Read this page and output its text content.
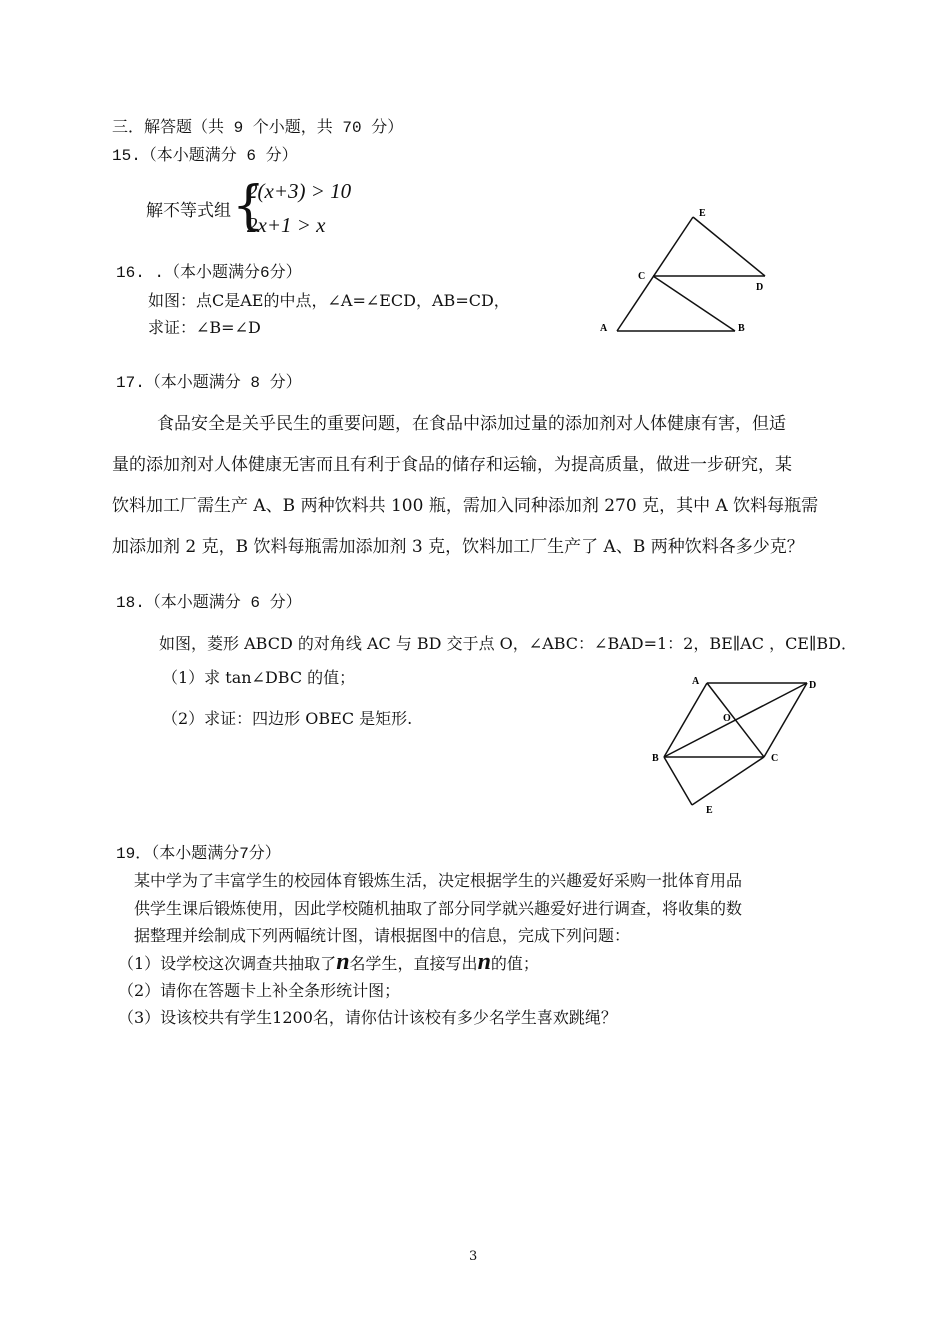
三．解答题（共 9 个小题，共 70 分）
15.（本小题满分 6 分）
解不等式组 {
2(x+3) > 10
2x+1 > x
16. .（本小题满分6分）
如图：点C是AE的中点，∠A=∠ECD，AB=CD，
求证：∠B=∠D
E
C
D
A	B
17.（本小题满分 8 分）
食品安全是关乎民生的重要问题，在食品中添加过量的添加剂对人体健康有害，但适
量的添加剂对人体健康无害而且有利于食品的储存和运输，为提高质量，做进一步研究，某
饮料加工厂需生产 A、B 两种饮料共 100 瓶，需加入同种添加剂 270 克，其中 A 饮料每瓶需
加添加剂 2 克，B 饮料每瓶需加添加剂 3 克，饮料加工厂生产了 A、B 两种饮料各多少克？
18.（本小题满分 6 分）
如图，菱形 ABCD 的对角线 AC 与 BD 交于点 O，∠ABC：∠BAD=1：2，BE∥AC ，CE∥BD．
（1）求 tan∠DBC 的值；
（2）求证：四边形 OBEC 是矩形.
A	D
O
B	C
E
19．（本小题满分7分）
某中学为了丰富学生的校园体育锻炼生活，决定根据学生的兴趣爱好采购一批体育用品
供学生课后锻炼使用，因此学校随机抽取了部分同学就兴趣爱好进行调查，将收集的数
据整理并绘制成下列两幅统计图，请根据图中的信息，完成下列问题：
（1）设学校这次调查共抽取了n名学生，直接写出n的值；
（2）请你在答题卡上补全条形统计图；
（3）设该校共有学生1200名，请你估计该校有多少名学生喜欢跳绳？
3
